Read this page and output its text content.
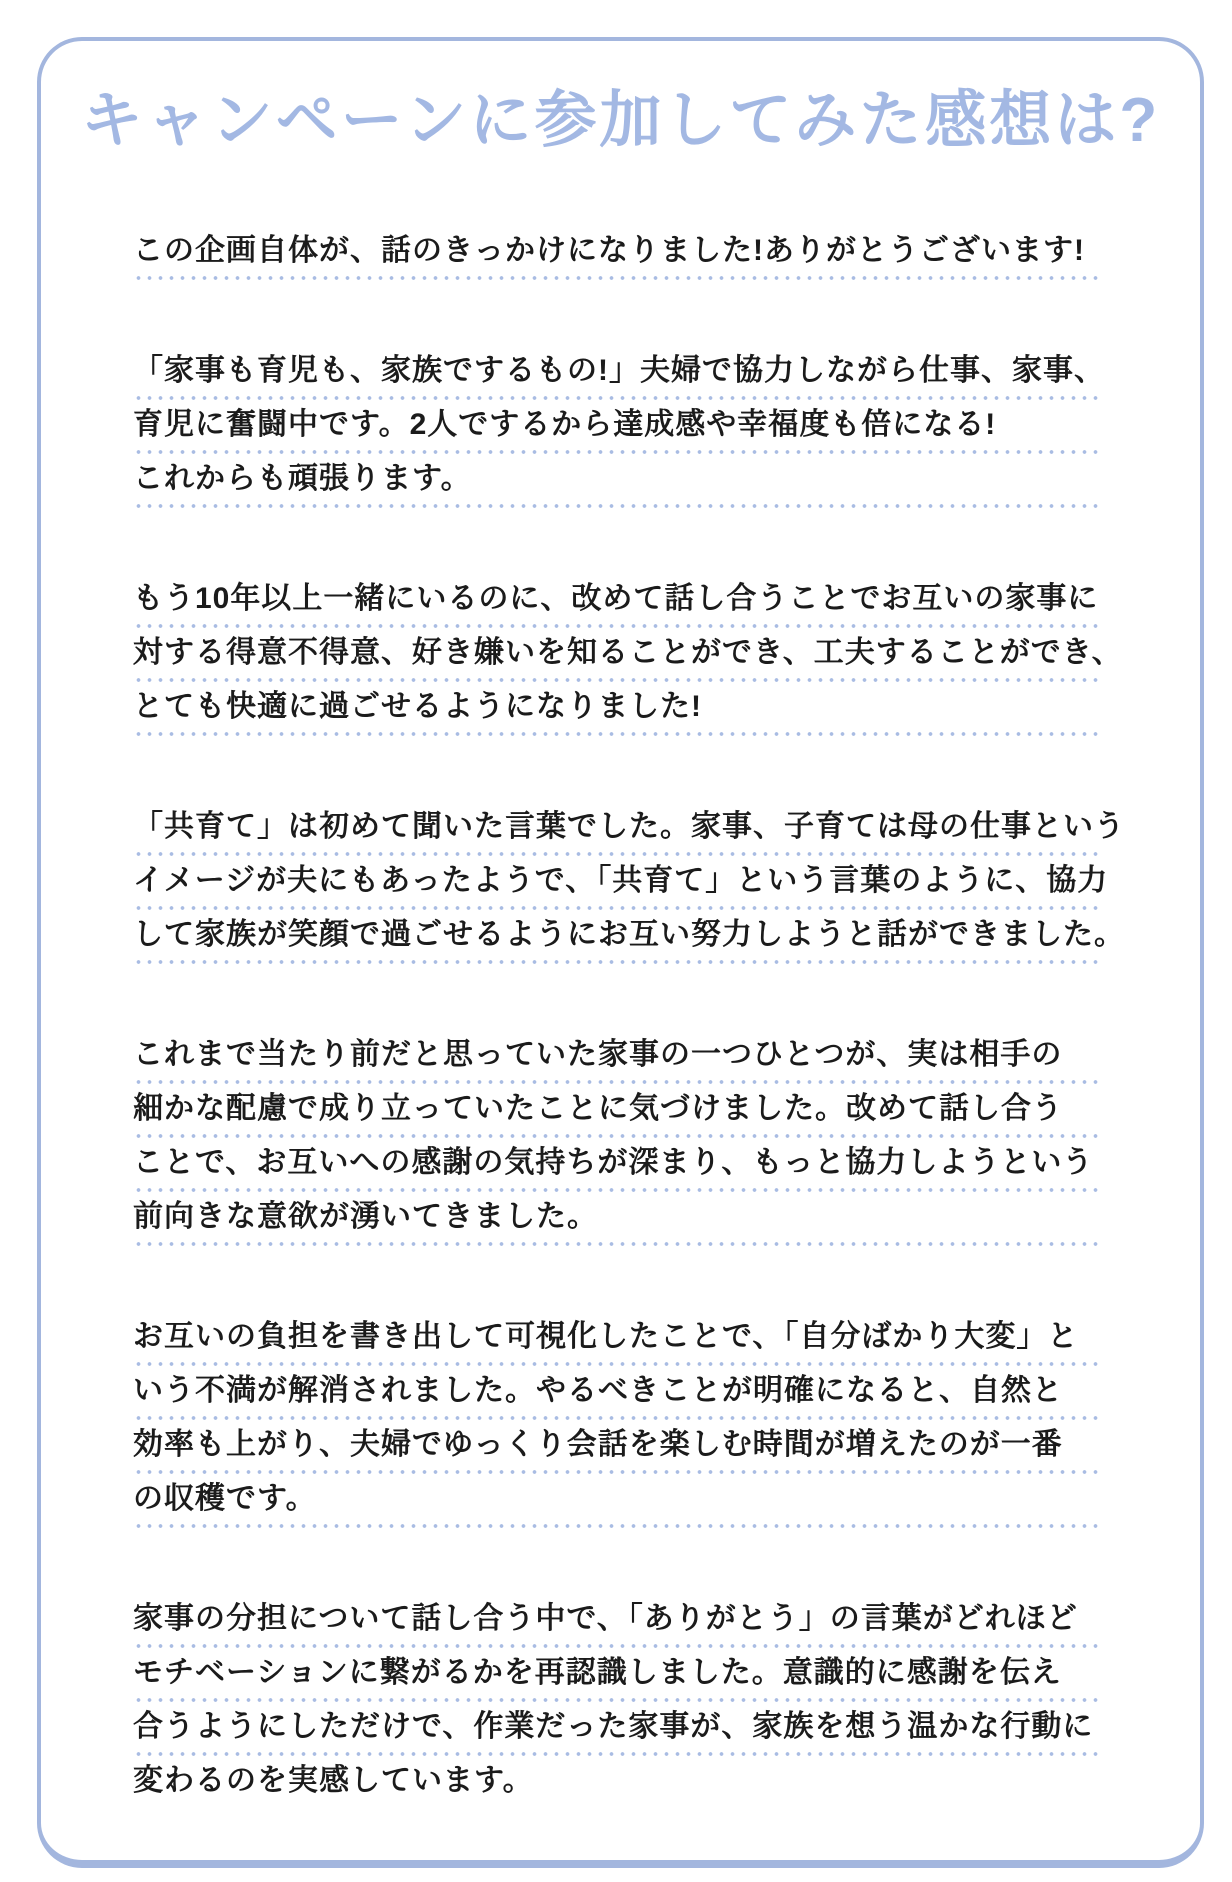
キャンペーンに参加してみた感想は?
この企画自体が、話のきっかけになりました!ありがとうございます!
「家事も育児も、家族でするもの!」夫婦で協力しながら仕事、家事、
育児に奮闘中です。2人でするから達成感や幸福度も倍になる!
これからも頑張ります。
もう10年以上一緒にいるのに、改めて話し合うことでお互いの家事に
対する得意不得意、好き嫌いを知ることができ、工夫することができ、
とても快適に過ごせるようになりました!
「共育て」は初めて聞いた言葉でした。家事、子育ては母の仕事という
イメージが夫にもあったようで、「共育て」という言葉のように、協力
して家族が笑顔で過ごせるようにお互い努力しようと話ができました。
これまで当たり前だと思っていた家事の一つひとつが、実は相手の
細かな配慮で成り立っていたことに気づけました。改めて話し合う
ことで、お互いへの感謝の気持ちが深まり、もっと協力しようという
前向きな意欲が湧いてきました。
お互いの負担を書き出して可視化したことで、「自分ばかり大変」と
いう不満が解消されました。やるべきことが明確になると、自然と
効率も上がり、夫婦でゆっくり会話を楽しむ時間が増えたのが一番
の収穫です。
家事の分担について話し合う中で、「ありがとう」の言葉がどれほど
モチベーションに繋がるかを再認識しました。意識的に感謝を伝え
合うようにしただけで、作業だった家事が、家族を想う温かな行動に
変わるのを実感しています。
